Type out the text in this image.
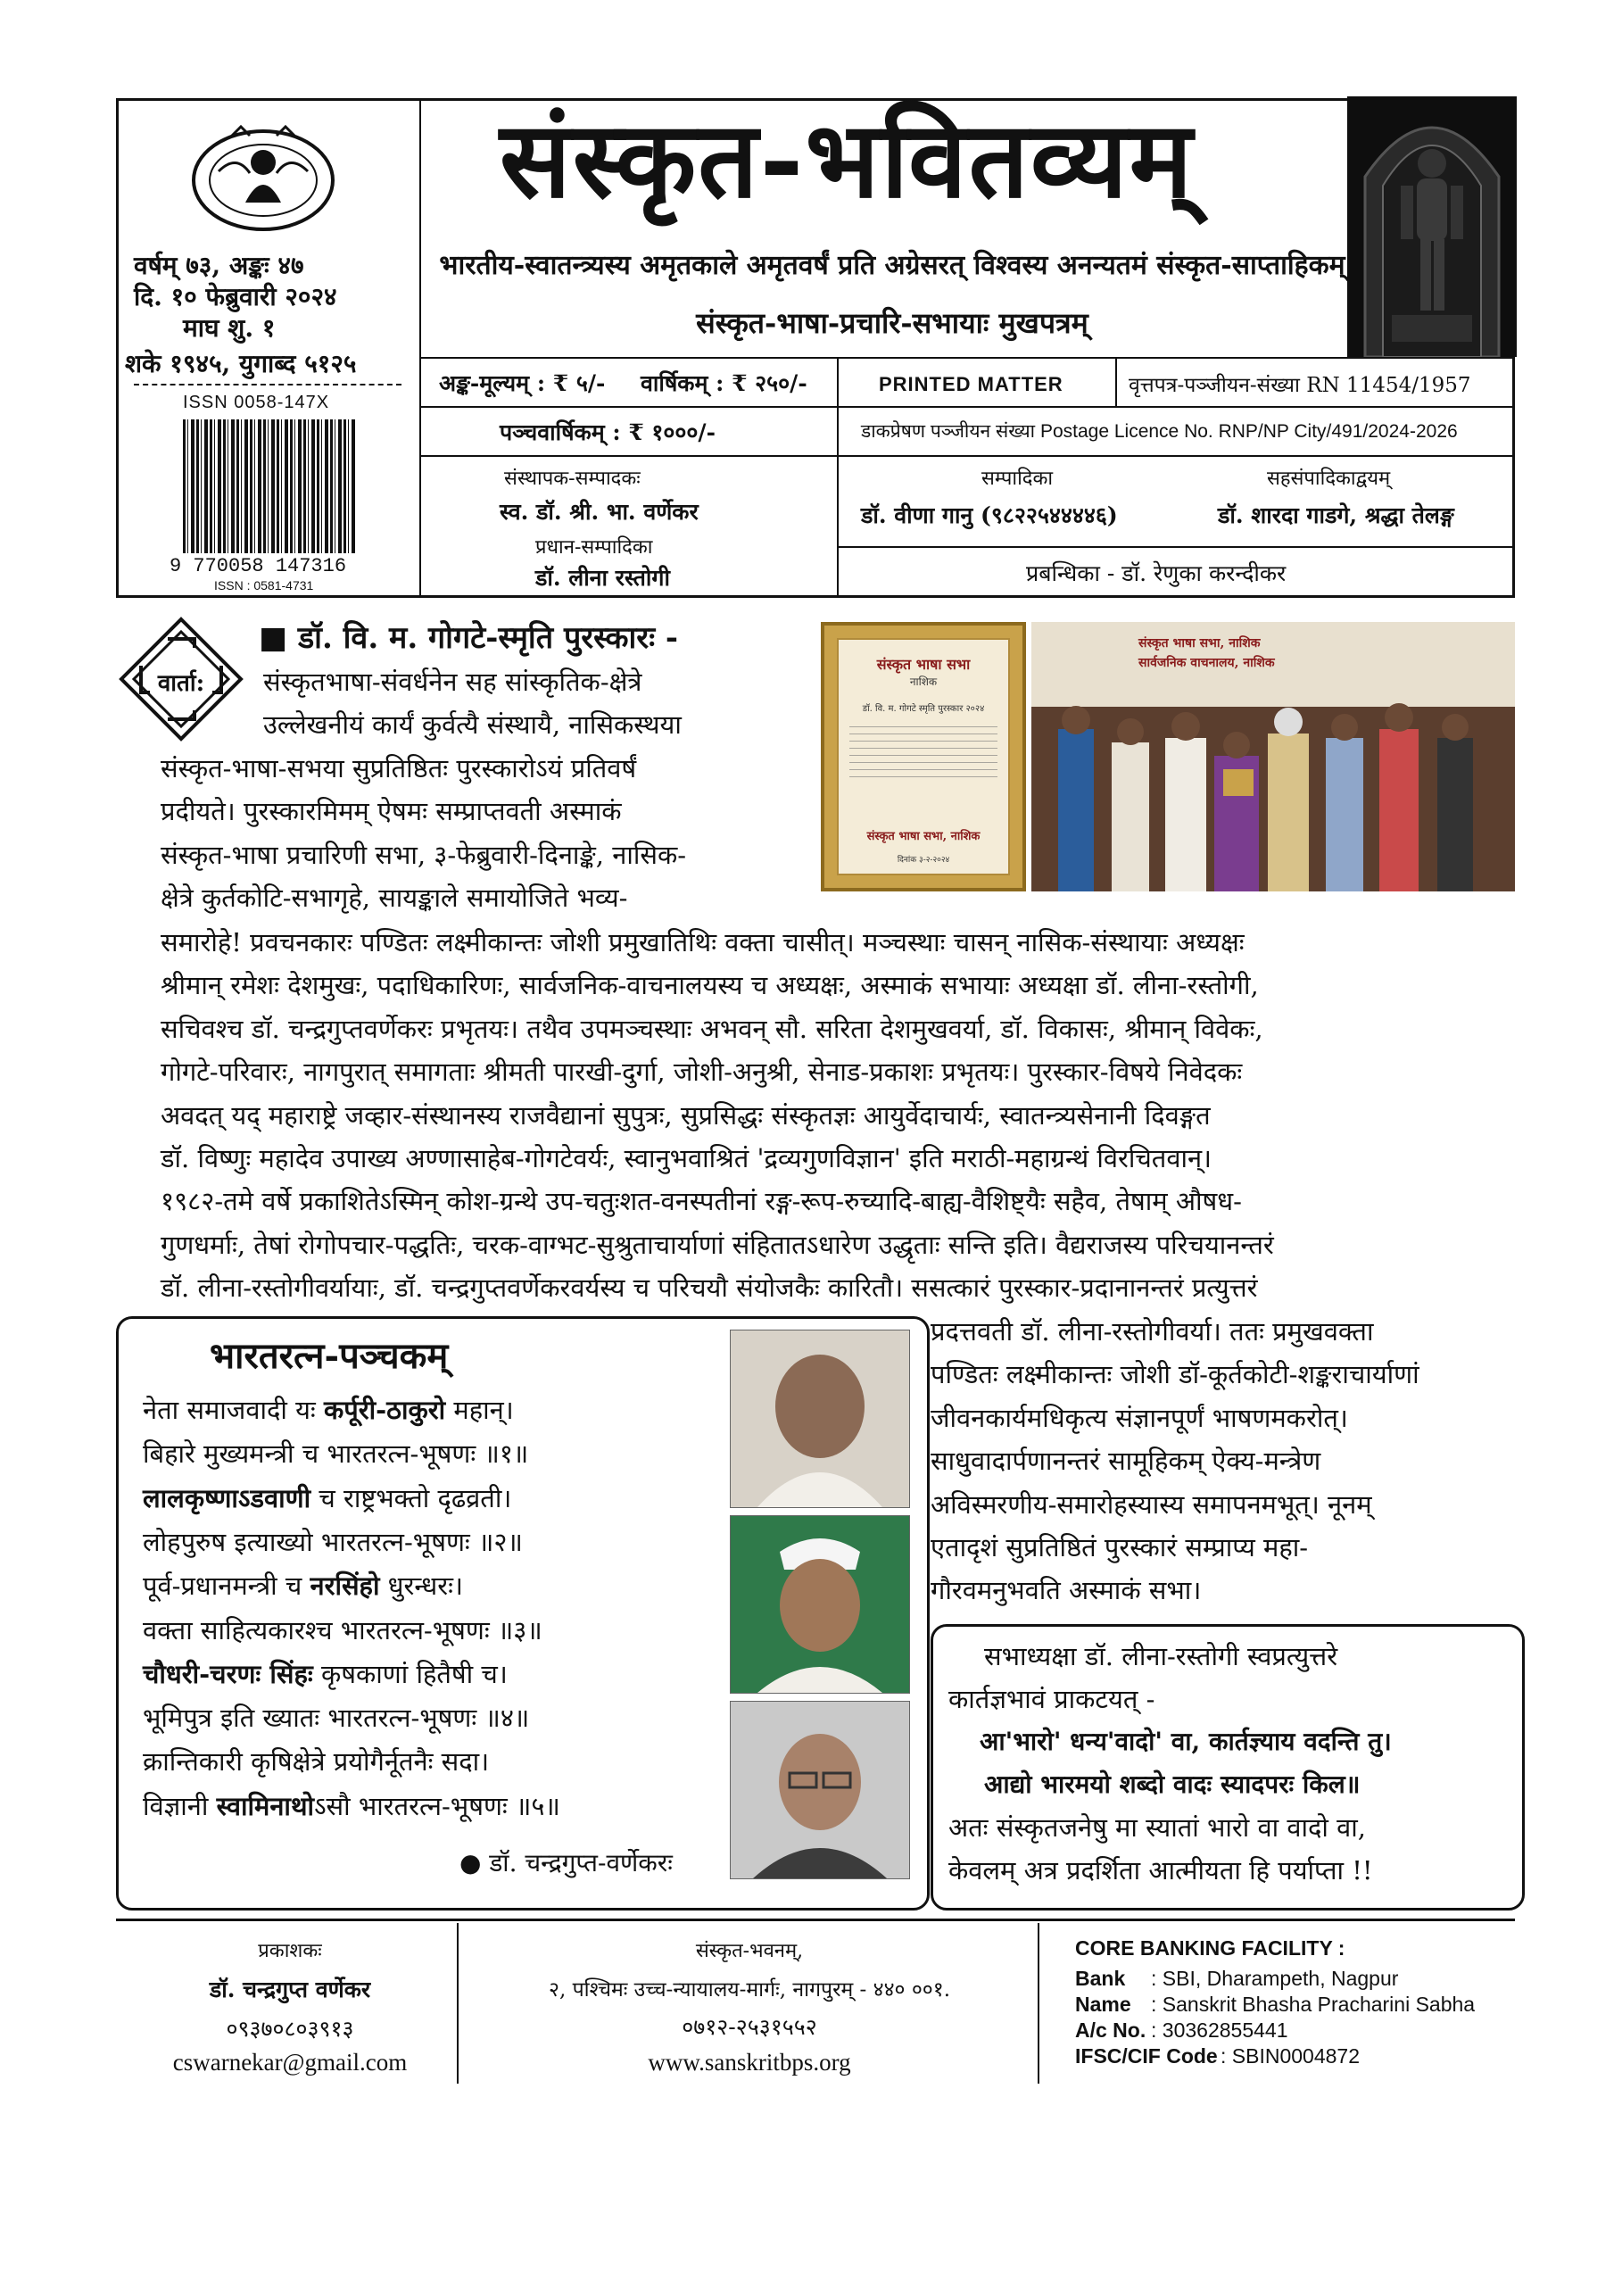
वर्षम् ७३, अङ्कः ४७
दि. १० फेब्रुवारी २०२४
माघ शु. १
शके १९४५, युगाब्द ५१२५
ISSN 0058-147X
9 770058 147316
ISSN : 0581-4731
संस्कृत-भवितव्यम्
भारतीय-स्वातन्त्र्यस्य अमृतकाले अमृतवर्षं प्रति अग्रेसरत् विश्वस्य अनन्यतमं संस्कृत-साप्ताहिकम्
संस्कृत-भाषा-प्रचारि-सभायाः मुखपत्रम्
अङ्क-मूल्यम् : ₹ ५/- वार्षिकम् : ₹ २५०/-
पञ्चवार्षिकम् : ₹ १०००/-
PRINTED MATTER	वृत्तपत्र-पञ्जीयन-संख्या RN 11454/1957
डाकप्रेषण पञ्जीयन संख्या Postage Licence No. RNP/NP City/491/2024-2026
संस्थापक-सम्पादकः
स्व. डॉ. श्री. भा. वर्णेकर
प्रधान-सम्पादिका
डॉ. लीना रस्तोगी
सम्पादिका
डॉ. वीणा गानु (९८२२५४४४४६)
सहसंपादिकाद्वयम्
डॉ. शारदा गाडगे, श्रद्धा तेलङ्ग
प्रबन्धिका - डॉ. रेणुका करन्दीकर
वार्ता:
■ डॉ. वि. म. गोगटे-स्मृति पुरस्कारः -
संस्कृतभाषा-संवर्धनेन सह सांस्कृतिक-क्षेत्रे
उल्लेखनीयं कार्यं कुर्वत्यै संस्थायै, नासिकस्थया
संस्कृत-भाषा-सभया सुप्रतिष्ठितः पुरस्कारोऽयं प्रतिवर्षं
प्रदीयते। पुरस्कारमिमम् ऐषमः सम्प्राप्तवती अस्माकं
संस्कृत-भाषा प्रचारिणी सभा, ३-फेब्रुवारी-दिनाङ्के, नासिक-
क्षेत्रे कुर्तकोटि-सभागृहे, सायङ्काले समायोजिते भव्य-
संस्कृत भाषा सभा
नाशिक
डॉ. वि. म. गोगटे स्मृति पुरस्कार २०२४
संस्कृत भाषा सभा, नाशिक
दिनांक ३-२-२०२४
संस्कृत भाषा सभा, नाशिक
सार्वजनिक वाचनालय, नाशिक
समारोहे! प्रवचनकारः पण्डितः लक्ष्मीकान्तः जोशी प्रमुखातिथिः वक्ता चासीत्। मञ्चस्थाः चासन् नासिक-संस्थायाः अध्यक्षः
श्रीमान् रमेशः देशमुखः, पदाधिकारिणः, सार्वजनिक-वाचनालयस्य च अध्यक्षः, अस्माकं सभायाः अध्यक्षा डॉ. लीना-रस्तोगी,
सचिवश्च डॉ. चन्द्रगुप्तवर्णेकरः प्रभृतयः। तथैव उपमञ्चस्थाः अभवन् सौ. सरिता देशमुखवर्या, डॉ. विकासः, श्रीमान् विवेकः,
गोगटे-परिवारः, नागपुरात् समागताः श्रीमती पारखी-दुर्गा, जोशी-अनुश्री, सेनाड-प्रकाशः प्रभृतयः। पुरस्कार-विषये निवेदकः
अवदत् यद् महाराष्ट्रे जव्हार-संस्थानस्य राजवैद्यानां सुपुत्रः, सुप्रसिद्धः संस्कृतज्ञः आयुर्वेदाचार्यः, स्वातन्त्र्यसेनानी दिवङ्गत
डॉ. विष्णुः महादेव उपाख्य अण्णासाहेब-गोगटेवर्यः, स्वानुभवाश्रितं 'द्रव्यगुणविज्ञान' इति मराठी-महाग्रन्थं विरचितवान्।
१९८२-तमे वर्षे प्रकाशितेऽस्मिन् कोश-ग्रन्थे उप-चतुःशत-वनस्पतीनां रङ्ग-रूप-रुच्यादि-बाह्य-वैशिष्ट्यैः सहैव, तेषाम् औषध-
गुणधर्माः, तेषां रोगोपचार-पद्धतिः, चरक-वाग्भट-सुश्रुताचार्याणां संहितातऽधारेण उद्धृताः सन्ति इति। वैद्यराजस्य परिचयानन्तरं
डॉ. लीना-रस्तोगीवर्यायाः, डॉ. चन्द्रगुप्तवर्णेकरवर्यस्य च परिचयौ संयोजकैः कारितौ। ससत्कारं पुरस्कार-प्रदानानन्तरं प्रत्युत्तरं
प्रदत्तवती डॉ. लीना-रस्तोगीवर्या। ततः प्रमुखवक्ता
पण्डितः लक्ष्मीकान्तः जोशी डॉ-कूर्तकोटी-शङ्कराचार्याणां
जीवनकार्यमधिकृत्य संज्ञानपूर्णं भाषणमकरोत्।
साधुवादार्पणानन्तरं सामूहिकम् ऐक्य-मन्त्रेण
अविस्मरणीय-समारोहस्यास्य समापनमभूत्। नूनम्
एतादृशं सुप्रतिष्ठितं पुरस्कारं सम्प्राप्य महा-
गौरवमनुभवति अस्माकं सभा।
भारतरत्न-पञ्चकम्
नेता समाजवादी यः कर्पूरी-ठाकुरो महान्।
बिहारे मुख्यमन्त्री च भारतरत्न-भूषणः ॥१॥
लालकृष्णाऽडवाणी च राष्ट्रभक्तो दृढव्रती।
लोहपुरुष इत्याख्यो भारतरत्न-भूषणः ॥२॥
पूर्व-प्रधानमन्त्री च नरसिंहो धुरन्धरः।
वक्ता साहित्यकारश्च भारतरत्न-भूषणः ॥३॥
चौधरी-चरणः सिंहः कृषकाणां हितैषी च।
भूमिपुत्र इति ख्यातः भारतरत्न-भूषणः ॥४॥
क्रान्तिकारी कृषिक्षेत्रे प्रयोगैर्नूतनैः सदा।
विज्ञानी स्वामिनाथोऽसौ भारतरत्न-भूषणः ॥५॥
● डॉ. चन्द्रगुप्त-वर्णेकरः
सभाध्यक्षा डॉ. लीना-रस्तोगी स्वप्रत्युत्तरे
कार्तज्ञभावं प्राकटयत् -
आ'भारो' धन्य'वादो' वा, कार्तज्ञ्याय वदन्ति तु।
आद्यो भारमयो शब्दो वादः स्यादपरः किल॥
अतः संस्कृतजनेषु मा स्यातां भारो वा वादो वा,
केवलम् अत्र प्रदर्शिता आत्मीयता हि पर्याप्ता !!
प्रकाशकः
डॉ. चन्द्रगुप्त वर्णेकर
०९३७०८०३९१३
cswarnekar@gmail.com
संस्कृत-भवनम्,
२, पश्चिमः उच्च-न्यायालय-मार्गः, नागपुरम् - ४४० ००१.
०७१२-२५३१५५२
www.sanskritbps.org
CORE BANKING FACILITY :
Bank : SBI, Dharampeth, Nagpur
Name : Sanskrit Bhasha Pracharini Sabha
A/c No. : 30362855441
IFSC/CIF Code : SBIN0004872
